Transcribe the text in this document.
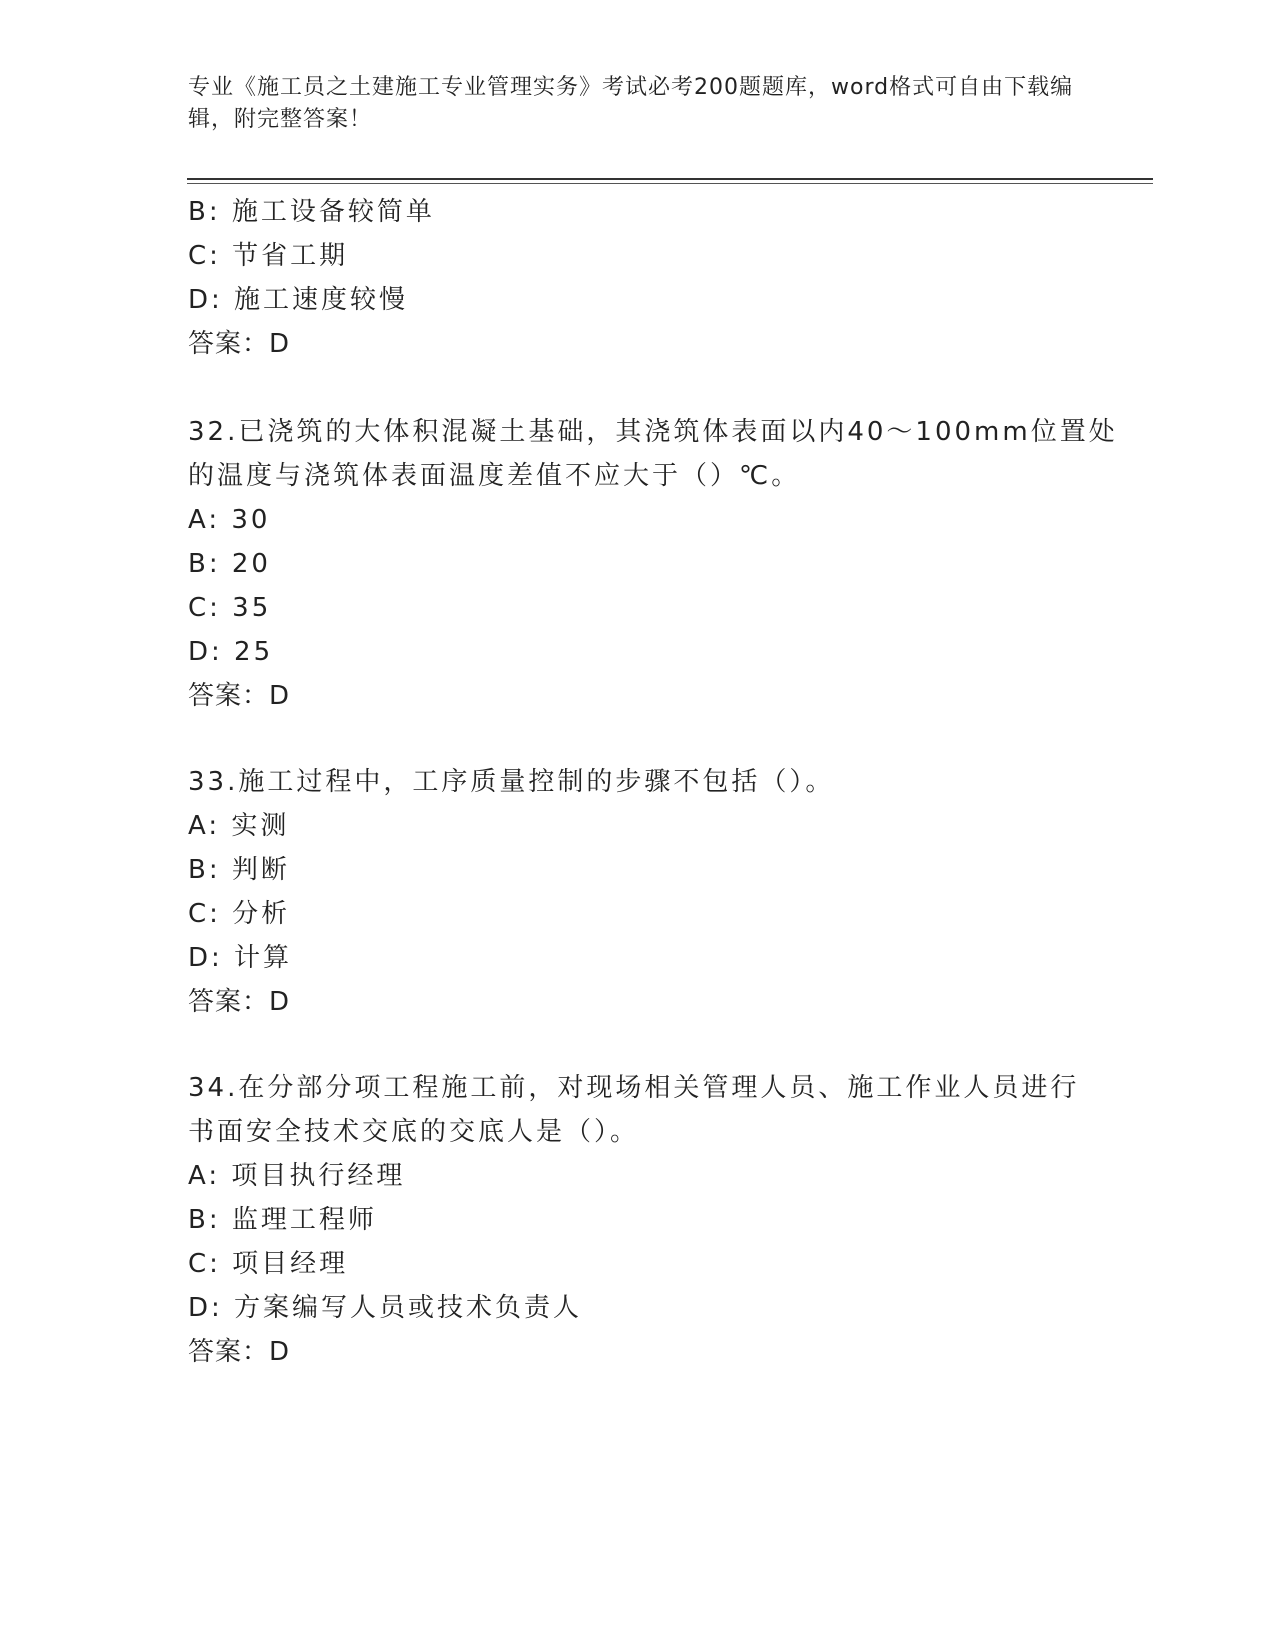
专业《施工员之土建施工专业管理实务》考试必考200题题库，word格式可自由下载编辑，附完整答案！
B: 施工设备较简单
C: 节省工期
D: 施工速度较慢
答案：D
32.已浇筑的大体积混凝土基础，其浇筑体表面以内40～100mm位置处
的温度与浇筑体表面温度差值不应大于（）℃。
A: 30
B: 20
C: 35
D: 25
答案：D
33.施工过程中，工序质量控制的步骤不包括（）。
A: 实测
B: 判断
C: 分析
D: 计算
答案：D
34.在分部分项工程施工前，对现场相关管理人员、施工作业人员进行
书面安全技术交底的交底人是（）。
A: 项目执行经理
B: 监理工程师
C: 项目经理
D: 方案编写人员或技术负责人
答案：D
